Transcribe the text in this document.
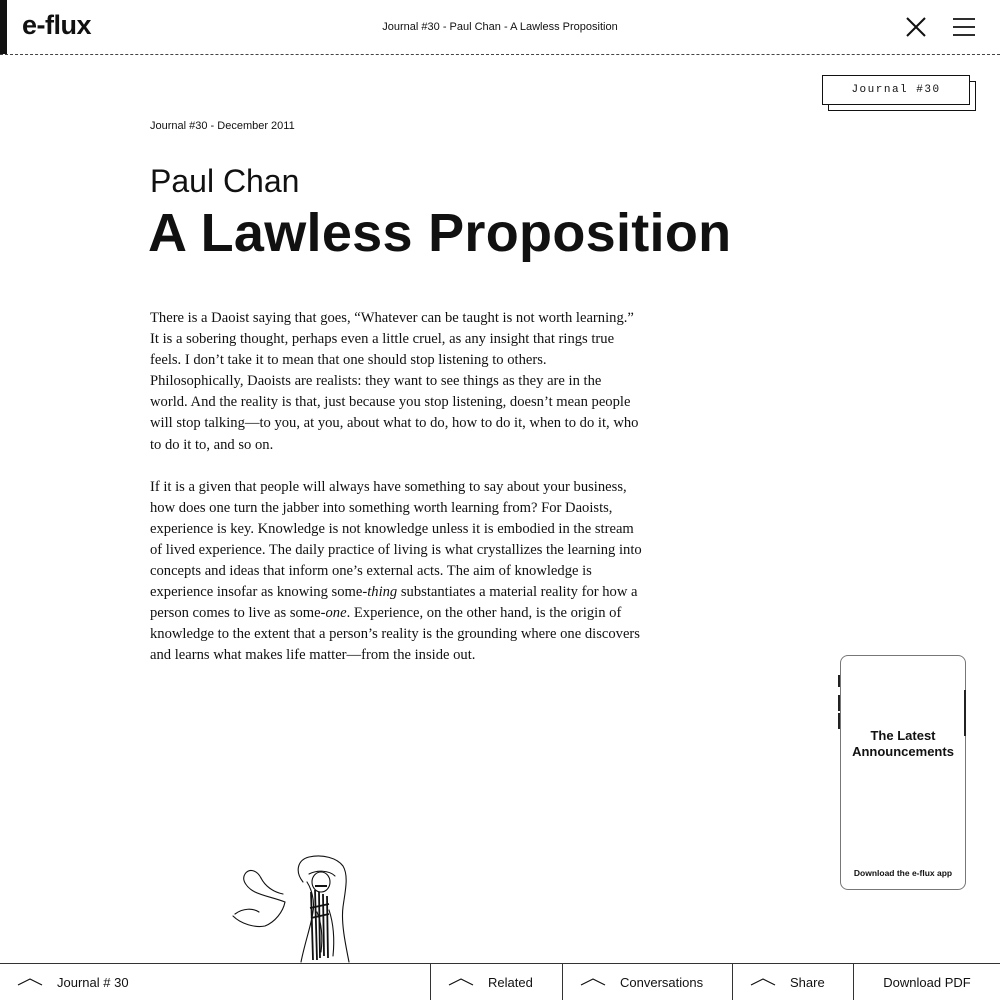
e-flux	Journal #30 - Paul Chan - A Lawless Proposition
Journal #30
Journal #30 - December 2011
Paul Chan
A Lawless Proposition

There is a Daoist saying that goes, “Whatever can be taught is not worth learning.” It is a sobering thought, perhaps even a little cruel, as any insight that rings true feels. I don’t take it to mean that one should stop listening to others. Philosophically, Daoists are realists: they want to see things as they are in the world. And the reality is that, just because you stop listening, doesn’t mean people will stop talking—to you, at you, about what to do, how to do it, when to do it, who to do it to, and so on.

If it is a given that people will always have something to say about your business, how does one turn the jabber into something worth learning from? For Daoists, experience is key. Knowledge is not knowledge unless it is embodied in the stream of lived experience. The daily practice of living is what crystallizes the learning into concepts and ideas that inform one’s external acts. The aim of knowledge is experience insofar as knowing some-thing substantiates a material reality for how a person comes to live as some-one. Experience, on the other hand, is the origin of knowledge to the extent that a person’s reality is the grounding where one discovers and learns what makes life matter—from the inside out.

The Latest
Announcements
Download the e-flux app
Journal # 30	Related	Conversations	Share	Download PDF
